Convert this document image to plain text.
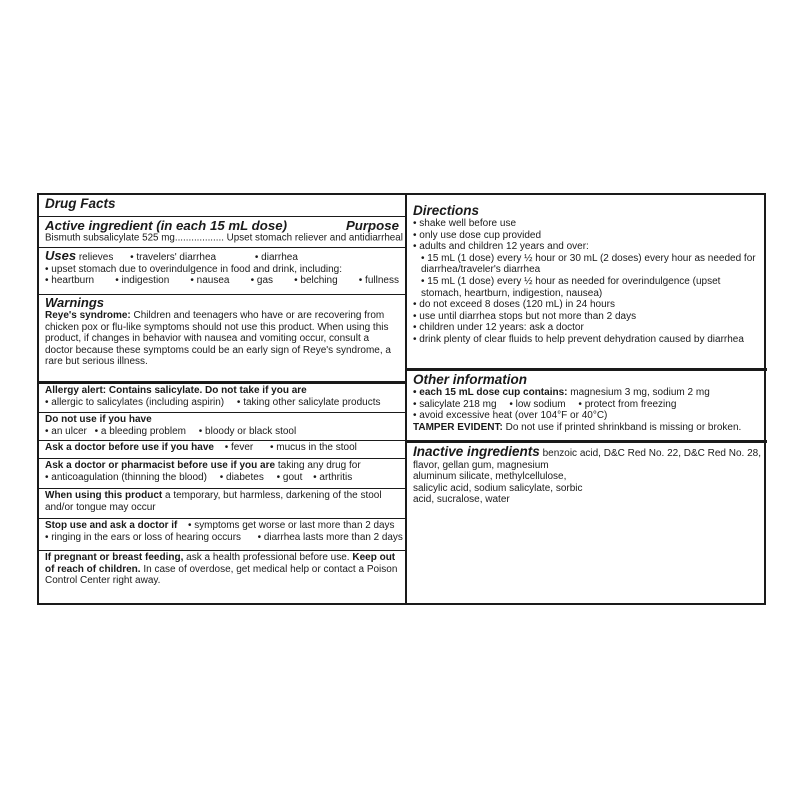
Drug Facts
Active ingredient (in each 15 mL dose)	Purpose
Bismuth subsalicylate 525 mg.................. Upset stomach reliever and antidiarrheal
Uses relieves • travelers' diarrhea	• diarrhea
• upset stomach due to overindulgence in food and drink, including:
• heartburn • indigestion • nausea • gas • belching • fullness
Warnings
Reye's syndrome: Children and teenagers who have or are recovering from chicken pox or flu-like symptoms should not use this product. When using this product, if changes in behavior with nausea and vomiting occur, consult a doctor because these symptoms could be an early sign of Reye's syndrome, a rare but serious illness.
Allergy alert: Contains salicylate. Do not take if you are
• allergic to salicylates (including aspirin) • taking other salicylate products
Do not use if you have
• an ulcer • a bleeding problem • bloody or black stool
Ask a doctor before use if you have • fever • mucus in the stool
Ask a doctor or pharmacist before use if you are taking any drug for
• anticoagulation (thinning the blood) • diabetes • gout • arthritis
When using this product a temporary, but harmless, darkening of the stool and/or tongue may occur
Stop use and ask a doctor if • symptoms get worse or last more than 2 days
• ringing in the ears or loss of hearing occurs • diarrhea lasts more than 2 days
If pregnant or breast feeding, ask a health professional before use. Keep out of reach of children. In case of overdose, get medical help or contact a Poison Control Center right away.
Directions
• shake well before use
• only use dose cup provided
• adults and children 12 years and over:
• 15 mL (1 dose) every ½ hour or 30 mL (2 doses) every hour as needed for diarrhea/traveler's diarrhea
• 15 mL (1 dose) every ½ hour as needed for overindulgence (upset stomach, heartburn, indigestion, nausea)
• do not exceed 8 doses (120 mL) in 24 hours
• use until diarrhea stops but not more than 2 days
• children under 12 years: ask a doctor
• drink plenty of clear fluids to help prevent dehydration caused by diarrhea
Other information
• each 15 mL dose cup contains: magnesium 3 mg, sodium 2 mg
• salicylate 218 mg • low sodium • protect from freezing
• avoid excessive heat (over 104°F or 40°C)
TAMPER EVIDENT: Do not use if printed shrinkband is missing or broken.
Inactive ingredients benzoic acid, D&C Red No. 22, D&C Red No. 28,
flavor, gellan gum, magnesium
aluminum silicate, methylcellulose,
salicylic acid, sodium salicylate, sorbic
acid, sucralose, water
